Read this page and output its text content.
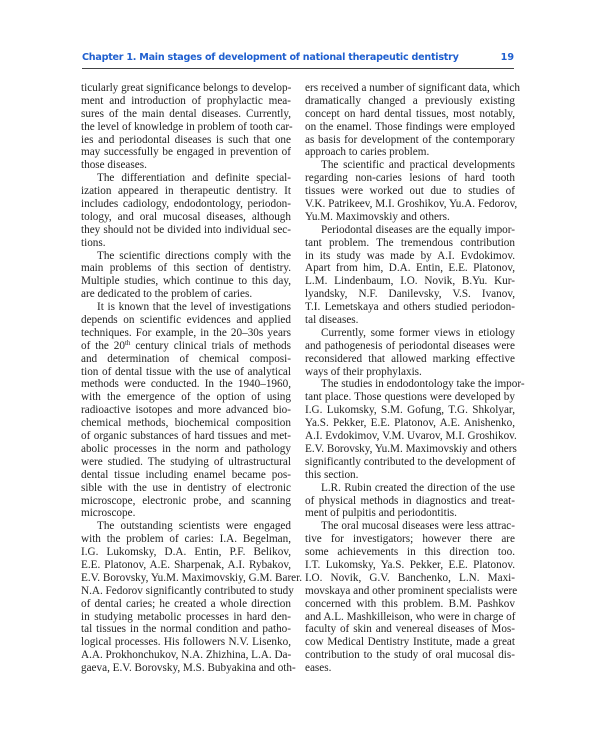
Chapter 1. Main stages of development of national therapeutic dentistry	19
ticularly great significance belongs to develop-
ment and introduction of prophylactic mea-
sures of the main dental diseases. Currently,
the level of knowledge in problem of tooth car-
ies and periodontal diseases is such that one
may successfully be engaged in prevention of
those diseases.
The differentiation and definite special-
ization appeared in therapeutic dentistry. It
includes cadiology, endodontology, periodon-
tology, and oral mucosal diseases, although
they should not be divided into individual sec-
tions.
The scientific directions comply with the
main problems of this section of dentistry.
Multiple studies, which continue to this day,
are dedicated to the problem of caries.
It is known that the level of investigations
depends on scientific evidences and applied
techniques. For example, in the 20–30s years
of the 20th century clinical trials of methods
and determination of chemical composi-
tion of dental tissue with the use of analytical
methods were conducted. In the 1940–1960,
with the emergence of the option of using
radioactive isotopes and more advanced bio-
chemical methods, biochemical composition
of organic substances of hard tissues and met-
abolic processes in the norm and pathology
were studied. The studying of ultrastructural
dental tissue including enamel became pos-
sible with the use in dentistry of electronic
microscope, electronic probe, and scanning
microscope.
The outstanding scientists were engaged
with the problem of caries: I.A. Begelman,
I.G. Lukomsky, D.A. Entin, P.F. Belikov,
E.E. Platonov, A.E. Sharpenak, A.I. Rybakov,
E.V. Borovsky, Yu.M. Maximovskiy, G.M. Barer.
N.A. Fedorov significantly contributed to study
of dental caries; he created a whole direction
in studying metabolic processes in hard den-
tal tissues in the normal condition and patho-
logical processes. His followers N.V. Lisenko,
A.A. Prokhonchukov, N.A. Zhizhina, L.A. Da-
gaeva, E.V. Borovsky, M.S. Bubyakina and oth-
ers received a number of significant data, which
dramatically changed a previously existing
concept on hard dental tissues, most notably,
on the enamel. Those findings were employed
as basis for development of the contemporary
approach to caries problem.
The scientific and practical developments
regarding non-caries lesions of hard tooth
tissues were worked out due to studies of
V.K. Patrikeev, M.I. Groshikov, Yu.A. Fedorov,
Yu.M. Maximovskiy and others.
Periodontal diseases are the equally impor-
tant problem. The tremendous contribution
in its study was made by A.I. Evdokimov.
Apart from him, D.A. Entin, E.E. Platonov,
L.M. Lindenbaum, I.O. Novik, B.Yu. Kur-
lyandsky, N.F. Danilevsky, V.S. Ivanov,
T.I. Lemetskaya and others studied periodon-
tal diseases.
Currently, some former views in etiology
and pathogenesis of periodontal diseases were
reconsidered that allowed marking effective
ways of their prophylaxis.
The studies in endodontology take the impor-
tant place. Those questions were developed by
I.G. Lukomsky, S.M. Gofung, T.G. Shkolyar,
Ya.S. Pekker, E.E. Platonov, A.E. Anishenko,
A.I. Evdokimov, V.M. Uvarov, M.I. Groshikov.
E.V. Borovsky, Yu.M. Maximovskiy and others
significantly contributed to the development of
this section.
L.R. Rubin created the direction of the use
of physical methods in diagnostics and treat-
ment of pulpitis and periodontitis.
The oral mucosal diseases were less attrac-
tive for investigators; however there are
some achievements in this direction too.
I.T. Lukomsky, Ya.S. Pekker, E.E. Platonov.
I.O. Novik, G.V. Banchenko, L.N. Maxi-
movskaya and other prominent specialists were
concerned with this problem. B.M. Pashkov
and A.L. Mashkilleison, who were in charge of
faculty of skin and venereal diseases of Mos-
cow Medical Dentistry Institute, made a great
contribution to the study of oral mucosal dis-
eases.
